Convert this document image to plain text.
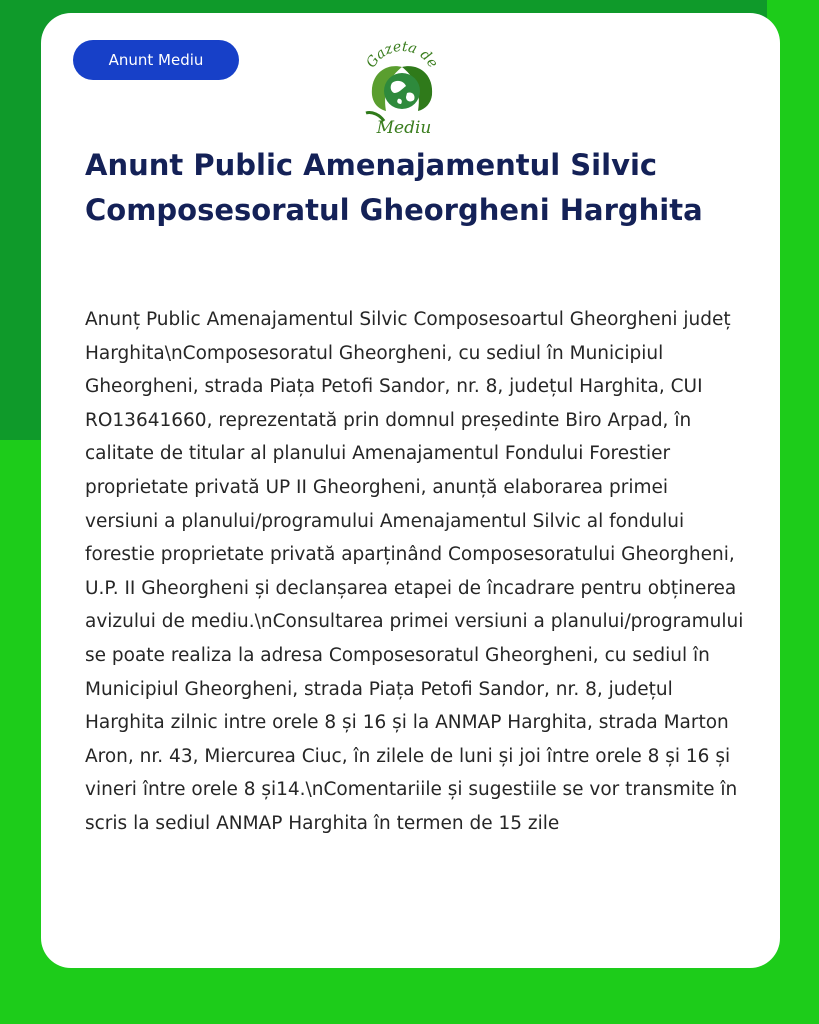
Anunt Mediu	Gazeta de
Mediu
Anunt Public Amenajamentul Silvic Composesoratul Gheorgheni Harghita

Anunț Public Amenajamentul Silvic Composesoartul Gheorgheni județ Harghita\nComposesoratul Gheorgheni, cu sediul în Municipiul Gheorgheni, strada Piața Petofi Sandor, nr. 8, județul Harghita, CUI RO13641660, reprezentată prin domnul președinte Biro Arpad, în calitate de titular al planului Amenajamentul Fondului Forestier proprietate privată UP II Gheorgheni, anunță elaborarea primei versiuni a planului/programului Amenajamentul Silvic al fondului forestie proprietate privată aparținând Composesoratului Gheorgheni, U.P. II Gheorgheni și declanșarea etapei de încadrare pentru obținerea avizului de mediu.\nConsultarea primei versiuni a planului/programului se poate realiza la adresa Composesoratul Gheorgheni, cu sediul în Municipiul Gheorgheni, strada Piața Petofi Sandor, nr. 8, județul Harghita zilnic intre orele 8 și 16 și la ANMAP Harghita, strada Marton Aron, nr. 43, Miercurea Ciuc, în zilele de luni și joi între orele 8 și 16 și vineri între orele 8 și14.\nComentariile și sugestiile se vor transmite în scris la sediul ANMAP Harghita în termen de 15 zile
